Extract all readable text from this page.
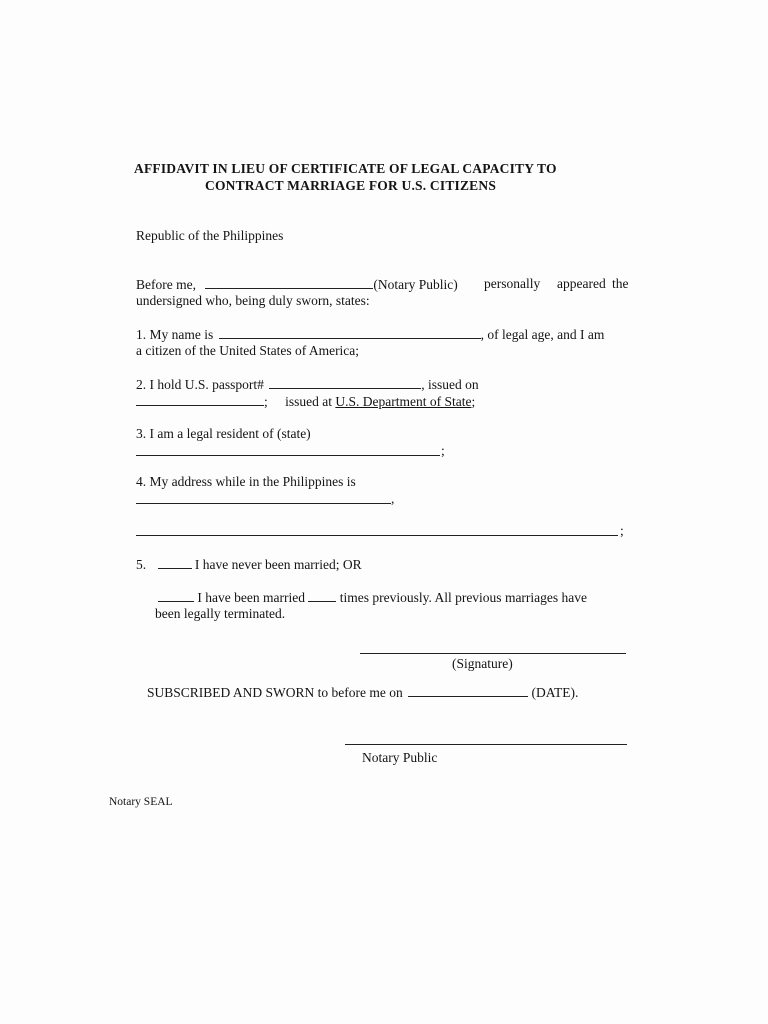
AFFIDAVIT IN LIEU OF CERTIFICATE OF LEGAL CAPACITY TO
CONTRACT MARRIAGE FOR U.S. CITIZENS
Republic of the Philippines
Before me,	(Notary Public) personally appeared the
undersigned who, being duly sworn, states:
1. My name is	, of legal age, and I am
a citizen of the United States of America;
2. I hold U.S. passport#	, issued on
; issued at U.S. Department of State;
3. I am a legal resident of (state)
;
4. My address while in the Philippines is
,
;
5.	I have never been married; OR
I have been married	times previously. All previous marriages have
been legally terminated.
(Signature)
SUBSCRIBED AND SWORN to before me on	(DATE).
Notary Public
Notary SEAL
